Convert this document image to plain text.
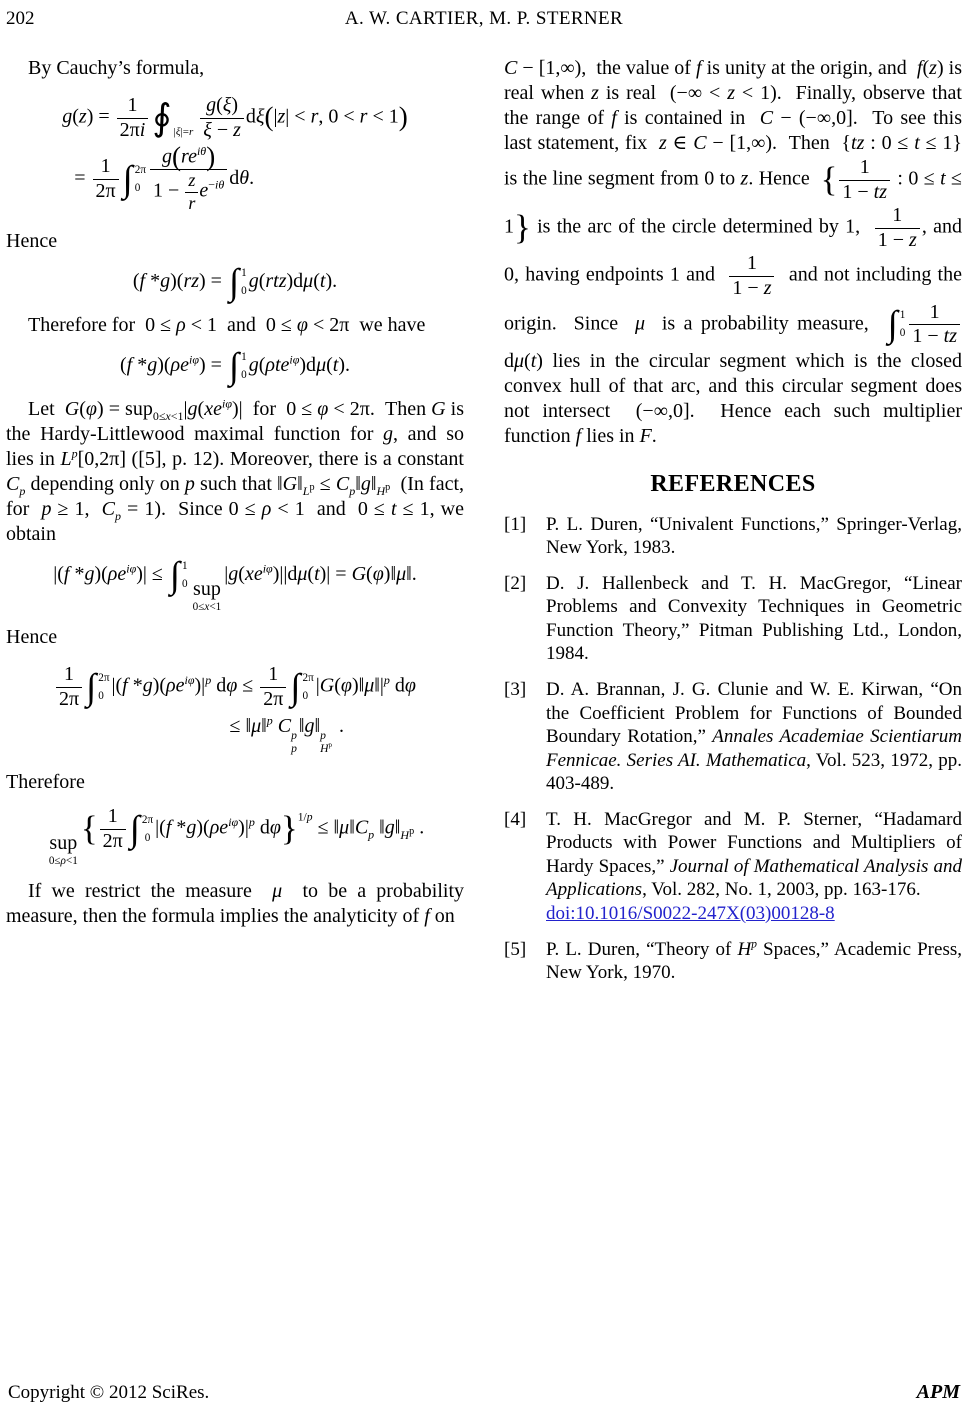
202	A. W. CARTIER, M. P. STERNER

By Cauchy’s formula,

$g(z) = \frac{1}{2\pi i}$ ∮ $_{|\xi|=r} \frac{g(\xi)}{\xi - z} d\xi(|z| < r$, 0 < r < 1)
= $\frac{1}{2\pi}$ ∫ 2π
0
$g(re^{i\theta})$
$1 - \frac{z}{r} e^{-i\theta}$ dθ.

Hence

(f *g)(rz) = ∫ 1
0 g(rtz)dμ(t).

Therefore for  0 ≤ ρ < 1  and  0 ≤ φ < 2π  we have

(f $*g)(\rho e^{i\varphi})$ = ∫ 1
0 g(ρte$^{i\varphi}$)dμ(t).

Let  $G(\varphi) = sup_{0\le x<1}|g(xe^{i\varphi})|$  for  0 ≤ φ < 2π.  Then G is the Hardy-Littlewood maximal function for g, and so lies in $L^p[0,2\pi]$ ([5], p. 12). Moreover, there is a constant $C_p$ depending only on p such that $‖G‖_{L^p}$ ≤ $C_p‖g‖_{H^p}$  (In fact, for  p ≥ 1,  $C_p = 1$).  Since 0 ≤ ρ < 1  and  0 ≤ t ≤ 1, we obtain

|(f $*g)(\rho e^{i\varphi})|$ ≤ ∫ 1
0 sup
0≤x<1
$|g(xe^{i\varphi})||d\mu(t)|$ = G(φ)‖μ‖.

Hence

$\frac{1}{2\pi}$ ∫ 2π
0 |(f $*g)(\rho e^{i\varphi})|^p$ $d\varphi \le \frac{1}{2\pi}$ ∫ 2π
0 $|G(\varphi)‖\mu‖|^p$ dφ
≤ ‖μ‖$^p$ C p
p
‖g‖ p
$H^p$
.

Therefore

sup
0≤ρ<1
{ $\frac{1}{2\pi}$ ∫ 2π
0 |(f $*g)(\rho e^{i\varphi})|^p$ $d\varphi\}^{1/p} \le ‖\mu‖C_p$ $‖g‖_{H^p}$ .

If we restrict the measure  μ  to be a probability measure, then the formula implies the analyticity of f on

C − [1,∞),  the value of f is unity at the origin, and  f(z) is real when z is real  (−∞ < z < 1).  Finally, observe that the range of f is contained in  C − (−∞,0].  To see this last statement, fix  z ∈ C − [1,∞).  Then  {tz : 0 ≤ t ≤ 1} is the line segment from 0 to z. Hence  { $\frac{1}{1 - tz}$ : 0 ≤ t ≤ 1} is the arc of the circle determined by 1, $\frac{1}{1 - z}$ , and 0, having endpoints 1 and $\frac{1}{1 - z}$ and not including the origin.  Since  μ  is a probability measure, ∫ 1
$0 \frac{1}{1 - tz}$
dμ(t) lies in the circular segment which is the closed convex hull of that arc, and this circular segment does not intersect  (−∞,0].  Hence each such multiplier function f lies in F.

REFERENCES
[1]	P. L. Duren, “Univalent Functions,” Springer-Verlag, New York, 1983.
[2]	D. J. Hallenbeck and T. H. MacGregor, “Linear Problems and Convexity Techniques in Geometric Function Theory,” Pitman Publishing Ltd., London, 1984.
[3]	D. A. Brannan, J. G. Clunie and W. E. Kirwan, “On the Coefficient Problem for Functions of Bounded Boundary Rotation,” Annales Academiae Scientiarum Fennicae. Series AI. Mathematica, Vol. 523, 1972, pp. 403-489.
[4]	T. H. MacGregor and M. P. Sterner, “Hadamard Products with Power Functions and Multipliers of Hardy Spaces,” Journal of Mathematical Analysis and Applications, Vol. 282, No. 1, 2003, pp. 163-176.
doi:10.1016/S0022-247X(03)00128-8
[5]	P. L. Duren, “Theory of $H^p$ Spaces,” Academic Press, New York, 1970.
Copyright © 2012 SciRes.	APM
